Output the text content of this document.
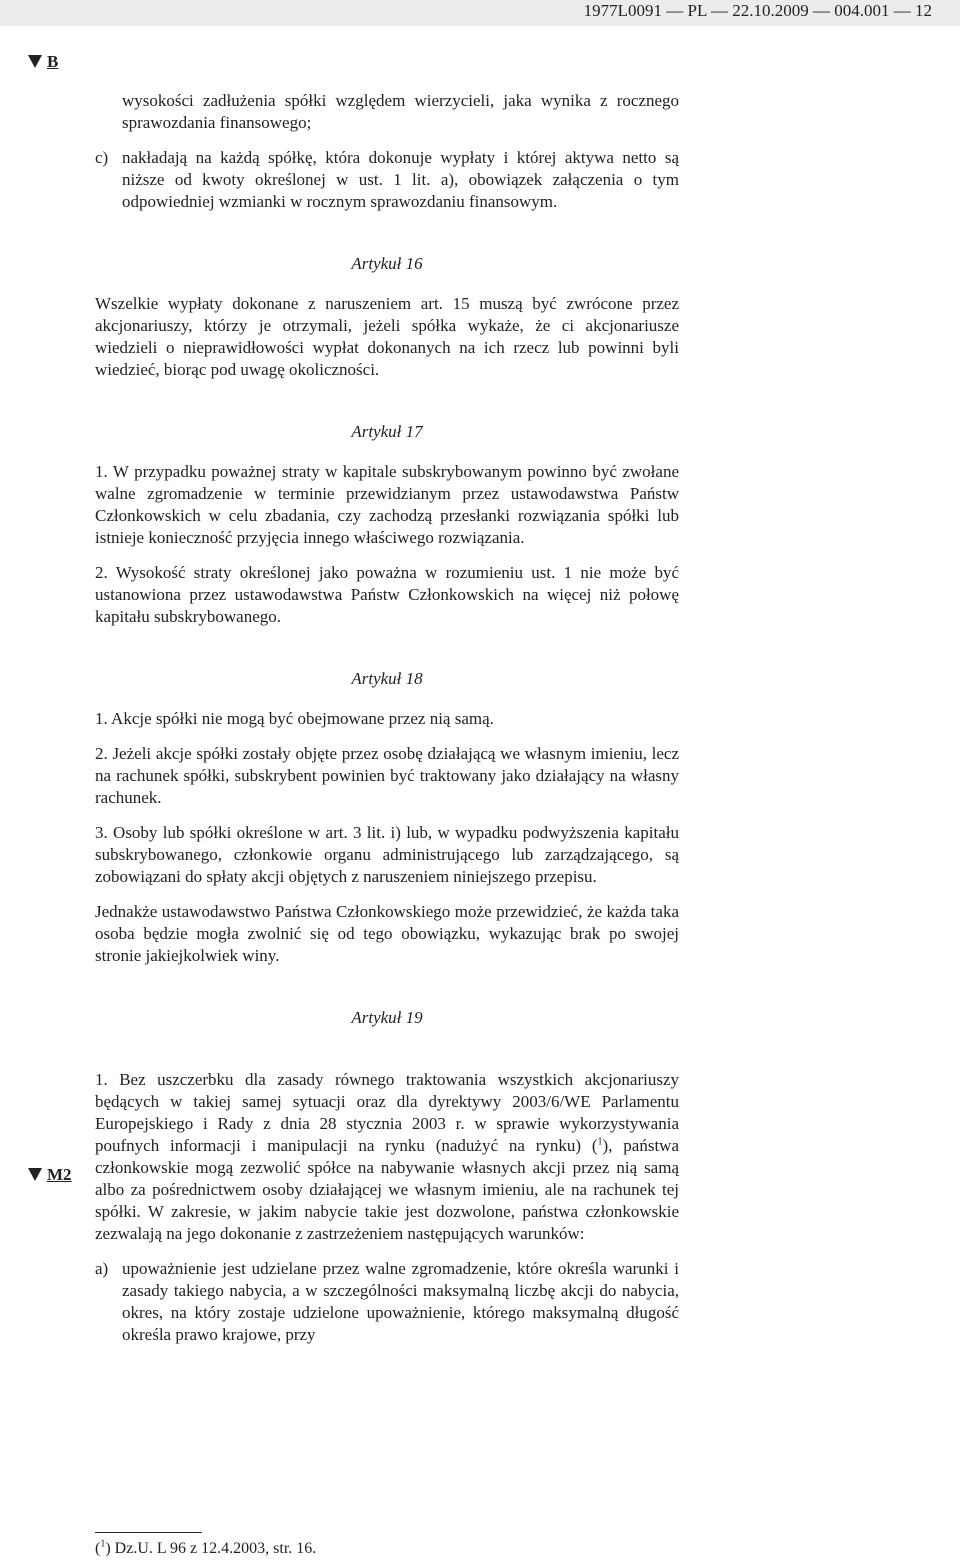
1977L0091 — PL — 22.10.2009 — 004.001 — 12
B
M2

wysokości zadłużenia spółki względem wierzycieli, jaka wynika z rocznego sprawozdania finansowego;

c) nakładają na każdą spółkę, która dokonuje wypłaty i której aktywa netto są niższe od kwoty określonej w ust. 1 lit. a), obowiązek załączenia o tym odpowiedniej wzmianki w rocznym sprawozdaniu finansowym.

Artykuł 16

Wszelkie wypłaty dokonane z naruszeniem art. 15 muszą być zwrócone przez akcjonariuszy, którzy je otrzymali, jeżeli spółka wykaże, że ci akcjonariusze wiedzieli o nieprawidłowości wypłat dokonanych na ich rzecz lub powinni byli wiedzieć, biorąc pod uwagę okoliczności.

Artykuł 17

1. W przypadku poważnej straty w kapitale subskrybowanym powinno być zwołane walne zgromadzenie w terminie przewidzianym przez ustawodawstwa Państw Członkowskich w celu zbadania, czy zachodzą przesłanki rozwiązania spółki lub istnieje konieczność przyjęcia innego właściwego rozwiązania.

2. Wysokość straty określonej jako poważna w rozumieniu ust. 1 nie może być ustanowiona przez ustawodawstwa Państw Członkowskich na więcej niż połowę kapitału subskrybowanego.

Artykuł 18

1. Akcje spółki nie mogą być obejmowane przez nią samą.

2. Jeżeli akcje spółki zostały objęte przez osobę działającą we własnym imieniu, lecz na rachunek spółki, subskrybent powinien być traktowany jako działający na własny rachunek.

3. Osoby lub spółki określone w art. 3 lit. i) lub, w wypadku podwyższenia kapitału subskrybowanego, członkowie organu administrującego lub zarządzającego, są zobowiązani do spłaty akcji objętych z naruszeniem niniejszego przepisu.

Jednakże ustawodawstwo Państwa Członkowskiego może przewidzieć, że każda taka osoba będzie mogła zwolnić się od tego obowiązku, wykazując brak po swojej stronie jakiejkolwiek winy.

Artykuł 19

1. Bez uszczerbku dla zasady równego traktowania wszystkich akcjonariuszy będących w takiej samej sytuacji oraz dla dyrektywy 2003/6/WE Parlamentu Europejskiego i Rady z dnia 28 stycznia 2003 r. w sprawie wykorzystywania poufnych informacji i manipulacji na rynku (nadużyć na rynku) ($^1$), państwa członkowskie mogą zezwolić spółce na nabywanie własnych akcji przez nią samą albo za pośrednictwem osoby działającej we własnym imieniu, ale na rachunek tej spółki. W zakresie, w jakim nabycie takie jest dozwolone, państwa członkowskie zezwalają na jego dokonanie z zastrzeżeniem następujących warunków:

a) upoważnienie jest udzielane przez walne zgromadzenie, które określa warunki i zasady takiego nabycia, a w szczególności maksymalną liczbę akcji do nabycia, okres, na który zostaje udzielone upoważnienie, którego maksymalną długość określa prawo krajowe, przy
($^1$) Dz.U. L 96 z 12.4.2003, str. 16.
